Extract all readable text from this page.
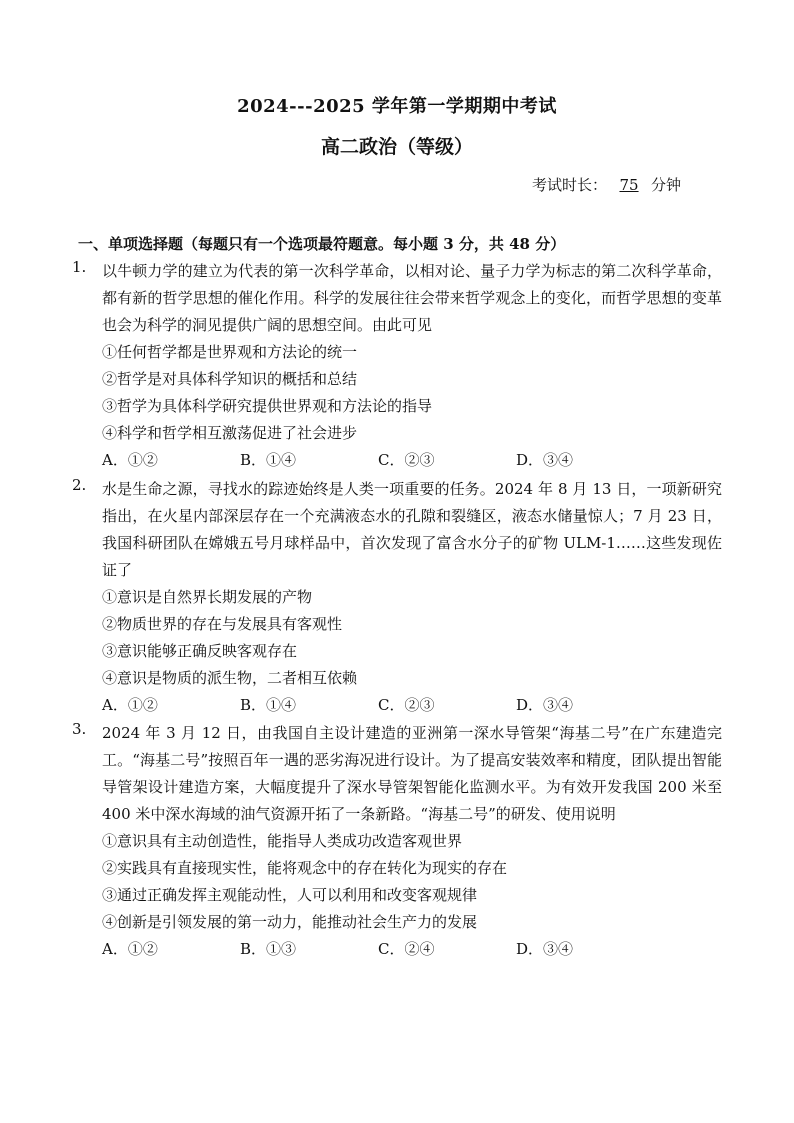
2024---2025 学年第一学期期中考试
高二政治（等级）
考试时长： 75 分钟
一、单项选择题（每题只有一个选项最符题意。每小题 3 分，共 48 分）
1.	以牛顿力学的建立为代表的第一次科学革命，以相对论、量子力学为标志的第二次科学革命，都有新的哲学思想的催化作用。科学的发展往往会带来哲学观念上的变化，而哲学思想的变革也会为科学的洞见提供广阔的思想空间。由此可见
①任何哲学都是世界观和方法论的统一
②哲学是对具体科学知识的概括和总结
③哲学为具体科学研究提供世界观和方法论的指导
④科学和哲学相互激荡促进了社会进步
A．①②	B．①④	C．②③	D．③④
2.	水是生命之源，寻找水的踪迹始终是人类一项重要的任务。2024 年 8 月 13 日，一项新研究指出，在火星内部深层存在一个充满液态水的孔隙和裂缝区，液态水储量惊人；7 月 23 日，我国科研团队在嫦娥五号月球样品中，首次发现了富含水分子的矿物 ULM-1……这些发现佐证了
①意识是自然界长期发展的产物
②物质世界的存在与发展具有客观性
③意识能够正确反映客观存在
④意识是物质的派生物，二者相互依赖
A．①②	B．①④	C．②③	D．③④
3.	2024 年 3 月 12 日，由我国自主设计建造的亚洲第一深水导管架“海基二号”在广东建造完工。“海基二号”按照百年一遇的恶劣海况进行设计。为了提高安装效率和精度，团队提出智能导管架设计建造方案，大幅度提升了深水导管架智能化监测水平。为有效开发我国 200 米至 400 米中深水海域的油气资源开拓了一条新路。“海基二号”的研发、使用说明
①意识具有主动创造性，能指导人类成功改造客观世界
②实践具有直接现实性，能将观念中的存在转化为现实的存在
③通过正确发挥主观能动性，人可以利用和改变客观规律
④创新是引领发展的第一动力，能推动社会生产力的发展
A．①②	B．①③	C．②④	D．③④
